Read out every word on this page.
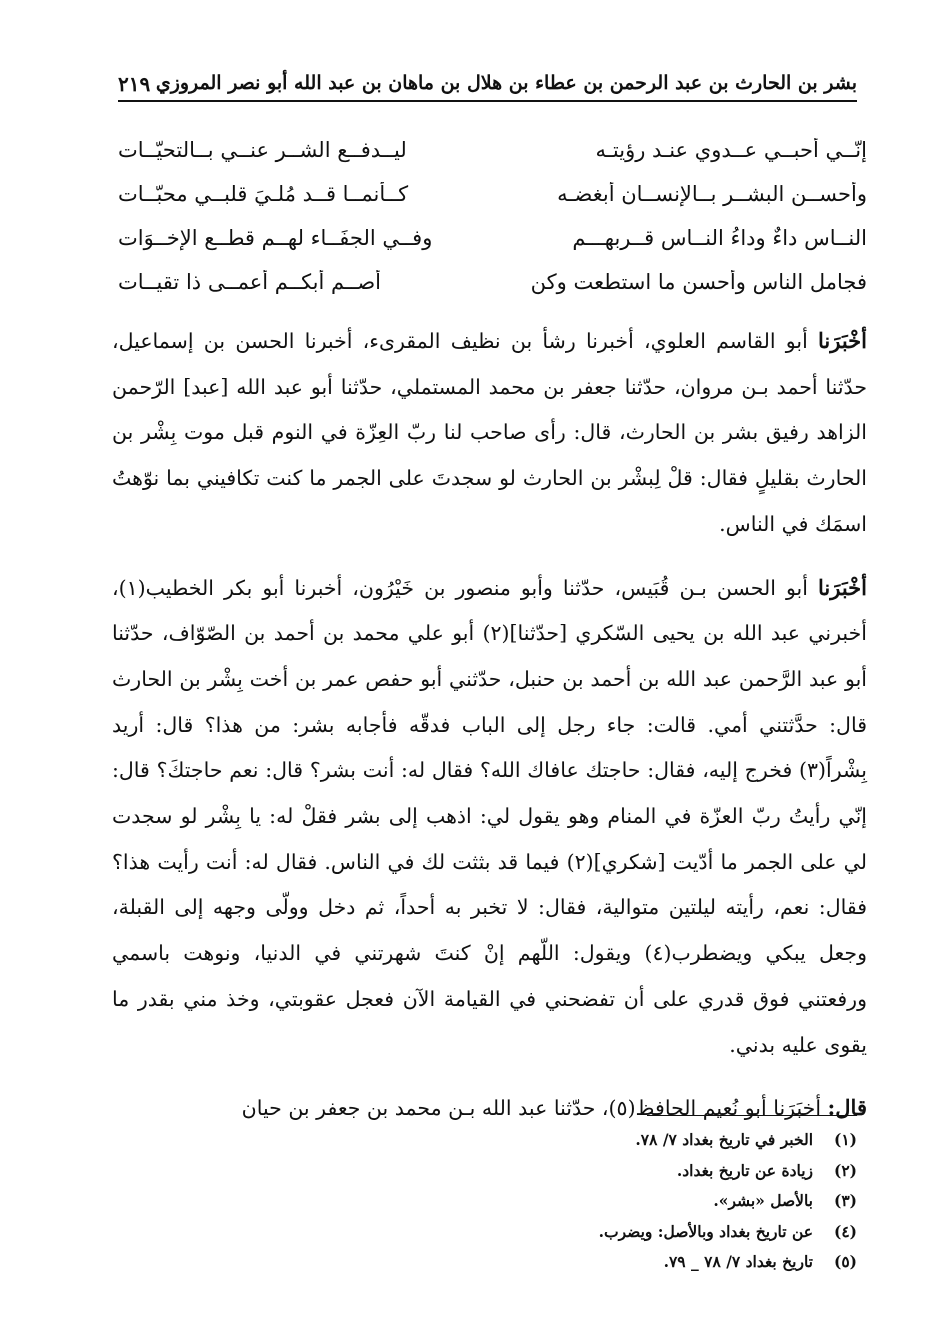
بشر بن الحارث بن عبد الرحمن بن عطاء بن هلال بن ماهان بن عبد الله أبو نصر المروزي
٢١٩
إنّــي أحبــي عــدوي عنـد رؤيتـه
ليــدفــع الشــر عنــي بــالتحيّــات
وأحســن البشــر بــالإنســان أبغضـه
كــأنمــا قــد مُلـيَ قلبــي محبّــات
النــاس داءٌ وداءُ النــاس قــربهـــم
وفــي الجفَــاء لهــم قطــع الإخــوَات
فجامل الناس وأحسن ما استطعت وكن
أصــم أبكــم أعمــى ذا تقيــات

أخْبَرَنا أبو القاسم العلوي، أخبرنا رشأ بن نظيف المقرىء، أخبرنا الحسن بن إسماعيل، حدّثنا أحمد بـن مروان، حدّثنا جعفر بن محمد المستملي، حدّثنا أبو عبد الله [عبد] الرّحمن الزاهد رفيق بشر بن الحارث، قال: رأى صاحب لنا ربّ العِزّة في النوم قبل موت بِشْر بن الحارث بقليلٍ فقال: قلْ لِبشْر بن الحارث لو سجدتَ على الجمر ما كنت تكافيني بما نوّهتُ اسمَك في الناس.

أخْبَرَنا أبو الحسن بـن قُبَيس، حدّثنا وأبو منصور بن خَيْرُون، أخبرنا أبو بكر الخطيب(١)، أخبرني عبد الله بن يحيى السّكري [حدّثنا](٢) أبو علي محمد بن أحمد بن الصّوّاف، حدّثنا أبو عبد الرَّحمن عبد الله بن أحمد بن حنبل، حدّثني أبو حفص عمر بن أخت بِشْر بن الحارث قال: حدَّثتني أمي. قالت: جاء رجل إلى الباب فدقّه فأجابه بشر: من هذا؟ قال: أريد بِشْراً(٣) فخرج إليه، فقال: حاجتك عافاك الله؟ فقال له: أنت بشر؟ قال: نعم حاجتكَ؟ قال: إنّي رأيتُ ربّ العزّة في المنام وهو يقول لي: اذهب إلى بشر فقلْ له: يا بِشْر لو سجدت لي على الجمر ما أدّيت [شكري](٢) فيما قد بثثت لك في الناس. فقال له: أنت رأيت هذا؟ فقال: نعم، رأيته ليلتين متوالية، فقال: لا تخبر به أحداً، ثم دخل وولّى وجهه إلى القبلة، وجعل يبكي ويضطرب(٤) ويقول: اللّهم إنْ كنتَ شهرتني في الدنيا، ونوهت باسمي ورفعتني فوق قدري على أن تفضحني في القيامة الآن فعجل عقوبتي، وخذ مني بقدر ما يقوى عليه بدني.

قال: أخبَرَنا أبو نُعيم الحافظ(٥)، حدّثنا عبد الله بـن محمد بن جعفر بن حيان

(١)الخبر في تاريخ بغداد ٧/ ٧٨.
(٢)زيادة عن تاريخ بغداد.
(٣)بالأصل «بشر».
(٤)عن تاريخ بغداد وبالأصل: ويضرب.
(٥)تاريخ بغداد ٧/ ٧٨ _ ٧٩.
